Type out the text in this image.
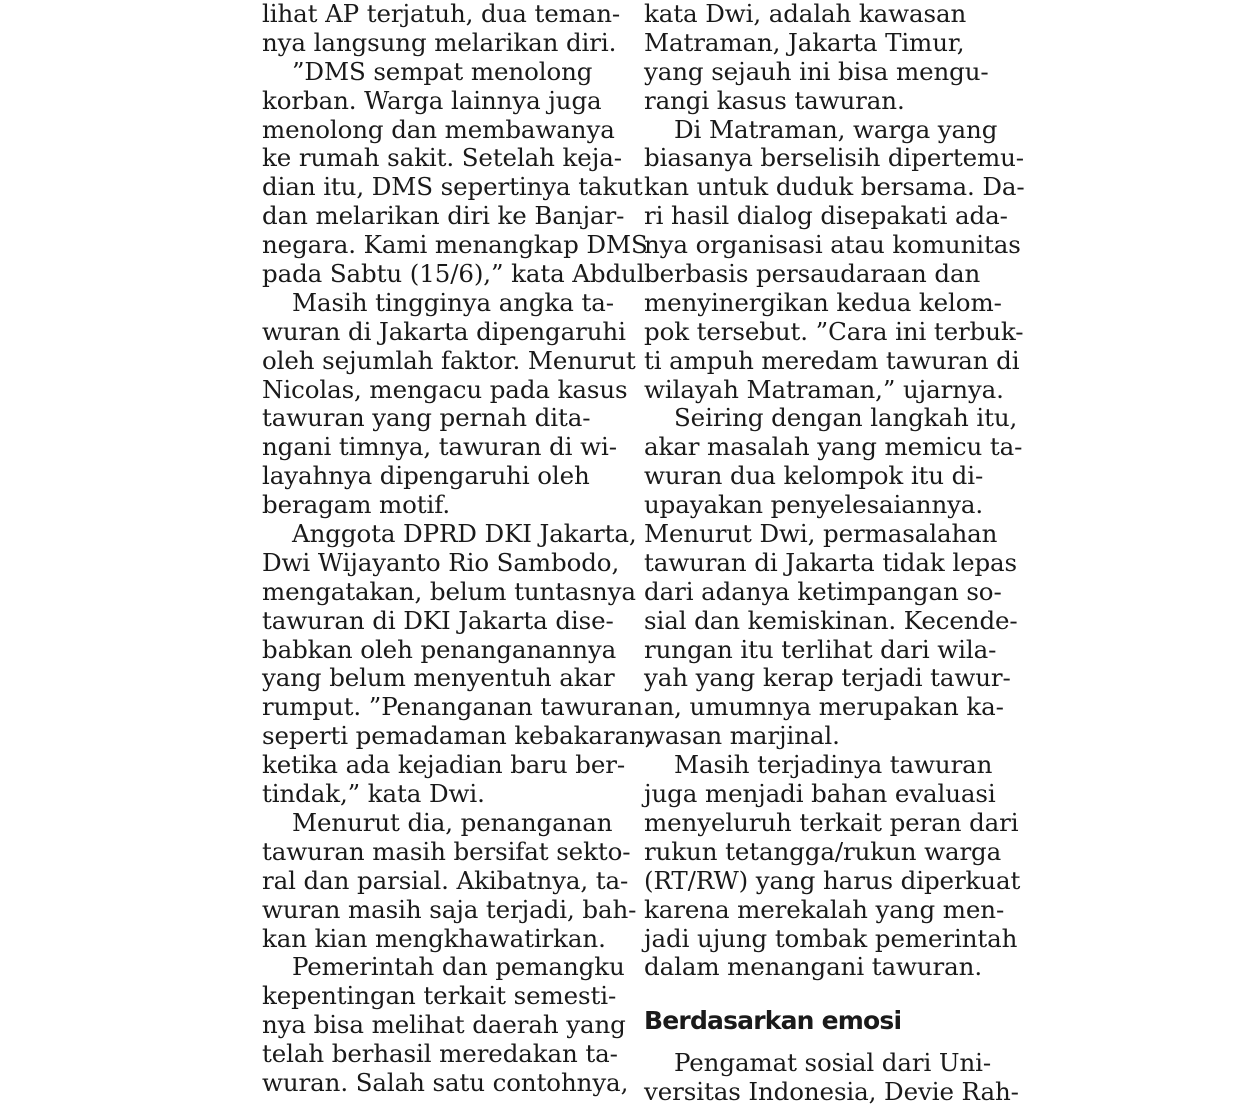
lihat AP terjatuh, dua teman-
nya langsung melarikan diri.
”DMS sempat menolong
korban. Warga lainnya juga
menolong dan membawanya
ke rumah sakit. Setelah keja-
dian itu, DMS sepertinya takut
dan melarikan diri ke Banjar-
negara. Kami menangkap DMS
pada Sabtu (15/6),” kata Abdul.
Masih tingginya angka ta-
wuran di Jakarta dipengaruhi
oleh sejumlah faktor. Menurut
Nicolas, mengacu pada kasus
tawuran yang pernah dita-
ngani timnya, tawuran di wi-
layahnya dipengaruhi oleh
beragam motif.
Anggota DPRD DKI Jakarta,
Dwi Wijayanto Rio Sambodo,
mengatakan, belum tuntasnya
tawuran di DKI Jakarta dise-
babkan oleh penanganannya
yang belum menyentuh akar
rumput. ”Penanganan tawuran
seperti pemadaman kebakaran,
ketika ada kejadian baru ber-
tindak,” kata Dwi.
Menurut dia, penanganan
tawuran masih bersifat sekto-
ral dan parsial. Akibatnya, ta-
wuran masih saja terjadi, bah-
kan kian mengkhawatirkan.
Pemerintah dan pemangku
kepentingan terkait semesti-
nya bisa melihat daerah yang
telah berhasil meredakan ta-
wuran. Salah satu contohnya,
kata Dwi, adalah kawasan
Matraman, Jakarta Timur,
yang sejauh ini bisa mengu-
rangi kasus tawuran.
Di Matraman, warga yang
biasanya berselisih dipertemu-
kan untuk duduk bersama. Da-
ri hasil dialog disepakati ada-
nya organisasi atau komunitas
berbasis persaudaraan dan
menyinergikan kedua kelom-
pok tersebut. ”Cara ini terbuk-
ti ampuh meredam tawuran di
wilayah Matraman,” ujarnya.
Seiring dengan langkah itu,
akar masalah yang memicu ta-
wuran dua kelompok itu di-
upayakan penyelesaiannya.
Menurut Dwi, permasalahan
tawuran di Jakarta tidak lepas
dari adanya ketimpangan so-
sial dan kemiskinan. Kecende-
rungan itu terlihat dari wila-
yah yang kerap terjadi tawur-
an, umumnya merupakan ka-
wasan marjinal.
Masih terjadinya tawuran
juga menjadi bahan evaluasi
menyeluruh terkait peran dari
rukun tetangga/rukun warga
(RT/RW) yang harus diperkuat
karena merekalah yang men-
jadi ujung tombak pemerintah
dalam menangani tawuran.
Berdasarkan emosi
Pengamat sosial dari Uni-
versitas Indonesia, Devie Rah-
